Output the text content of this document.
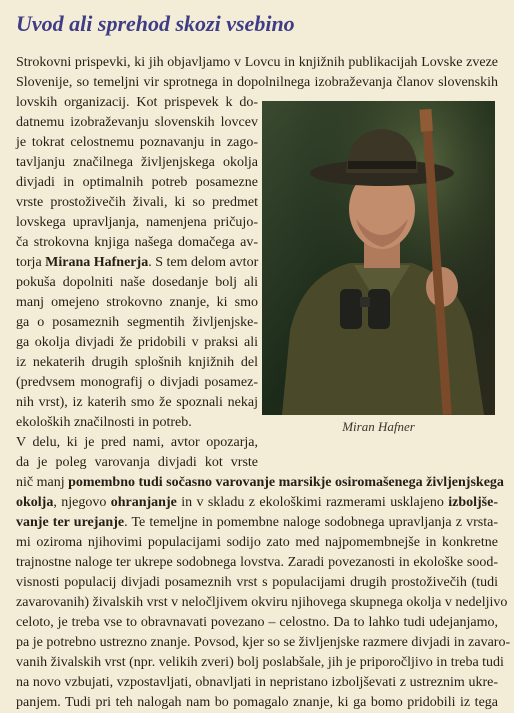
Uvod ali sprehod skozi vsebino
Strokovni prispevki, ki jih objavljamo v Lovcu in knjižnih publikacijah Lovske zveze
Slovenije, so temeljni vir sprotnega in dopolnilnega izobraževanja članov slovenskih
lovskih organizacij. Kot prispevek k do-
datnemu izobraževanju slovenskih lovcev
je tokrat celostnemu poznavanju in zago-
tavljanju značilnega življenjskega okolja
divjadi in optimalnih potreb posamezne
vrste prostoživečih živali, ki so predmet
lovskega upravljanja, namenjena pričujo-
ča strokovna knjiga našega domačega av-
torja Mirana Hafnerja. S tem delom avtor
pokuša dopolniti naše dosedanje bolj ali
manj omejeno strokovno znanje, ki smo
ga o posameznih segmentih življenjske-
ga okolja divjadi že pridobili v praksi ali
iz nekaterih drugih splošnih knjižnih del
(predvsem monografij o divjadi posamez-
nih vrst), iz katerih smo že spoznali nekaj
ekoloških značilnosti in potreb.
V delu, ki je pred nami, avtor opozarja,
da je poleg varovanja divjadi kot vrste
nič manj pomembno tudi sočasno varovanje marsikje osiromašenega življenjskega
okolja, njegovo ohranjanje in v skladu z ekološkimi razmerami usklajeno izboljše-
vanje ter urejanje. Te temeljne in pomembne naloge sodobnega upravljanja z vrsta-
mi oziroma njihovimi populacijami sodijo zato med najpomembnejše in konkretne
trajnostne naloge ter ukrepe sodobnega lovstva. Zaradi povezanosti in ekološke sood-
visnosti populacij divjadi posameznih vrst s populacijami drugih prostoživečih (tudi
zavarovanih) živalskih vrst v neločljivem okviru njihovega skupnega okolja v nedeljivo
celoto, je treba vse to obravnavati povezano – celostno. Da to lahko tudi udejanjamo,
pa je potrebno ustrezno znanje. Povsod, kjer so se življenjske razmere divjadi in zavaro-
vanih živalskih vrst (npr. velikih zveri) bolj poslabšale, jih je priporočljivo in treba tudi
na novo vzbujati, vzpostavljati, obnavljati in nepristano izboljševati z ustreznim ukre-
panjem. Tudi pri teh nalogah nam bo pomagalo znanje, ki ga bomo pridobili iz tega
Miran Hafner
